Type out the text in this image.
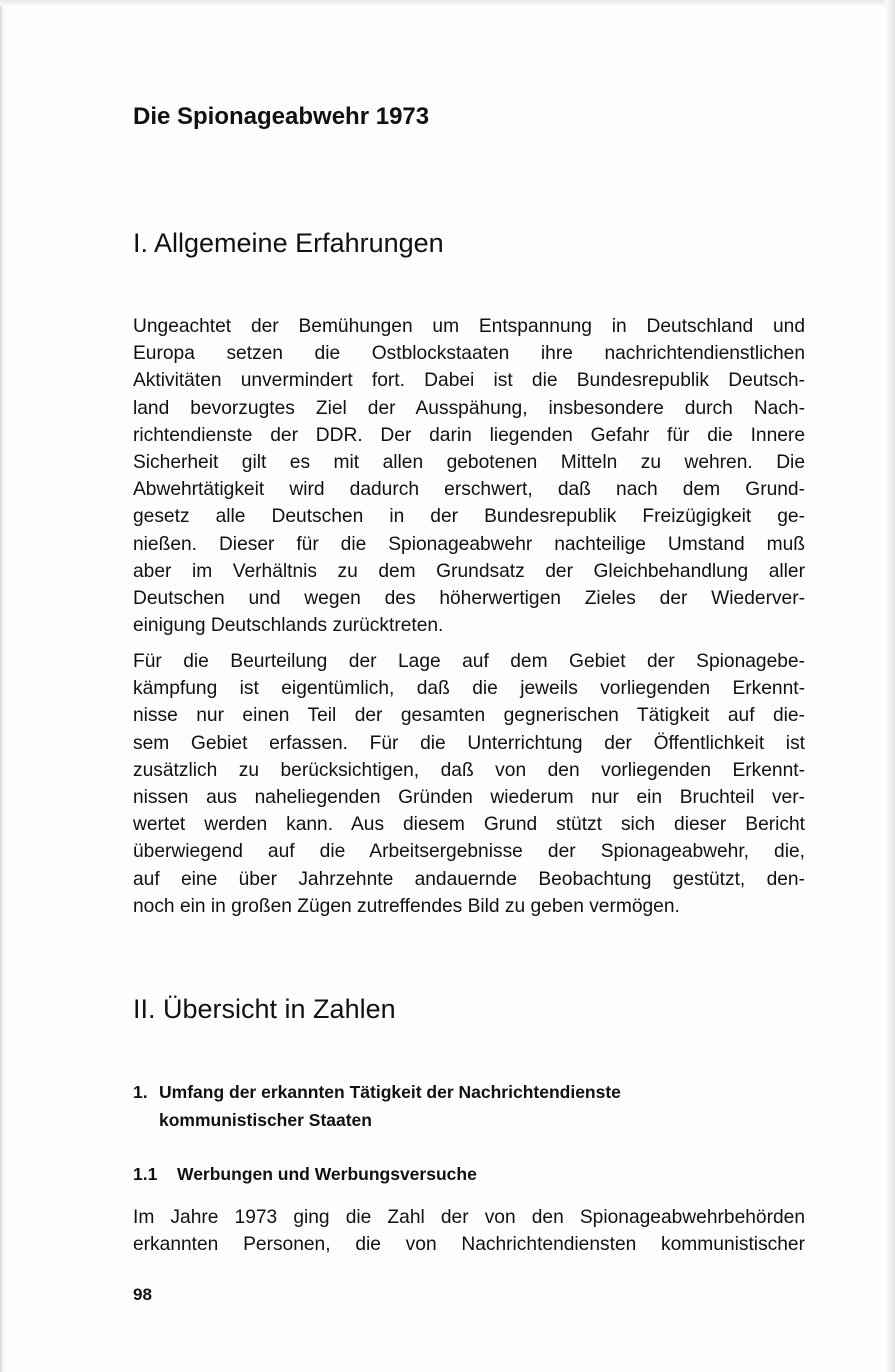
Die Spionageabwehr 1973
I. Allgemeine Erfahrungen

Ungeachtet der Bemühungen um Entspannung in Deutschland und
Europa setzen die Ostblockstaaten ihre nachrichtendienstlichen
Aktivitäten unvermindert fort. Dabei ist die Bundesrepublik Deutsch-
land bevorzugtes Ziel der Ausspähung, insbesondere durch Nach-
richtendienste der DDR. Der darin liegenden Gefahr für die Innere
Sicherheit gilt es mit allen gebotenen Mitteln zu wehren. Die
Abwehrtätigkeit wird dadurch erschwert, daß nach dem Grund-
gesetz alle Deutschen in der Bundesrepublik Freizügigkeit ge-
nießen. Dieser für die Spionageabwehr nachteilige Umstand muß
aber im Verhältnis zu dem Grundsatz der Gleichbehandlung aller
Deutschen und wegen des höherwertigen Zieles der Wiederver-
einigung Deutschlands zurücktreten.

Für die Beurteilung der Lage auf dem Gebiet der Spionagebe-
kämpfung ist eigentümlich, daß die jeweils vorliegenden Erkennt-
nisse nur einen Teil der gesamten gegnerischen Tätigkeit auf die-
sem Gebiet erfassen. Für die Unterrichtung der Öffentlichkeit ist
zusätzlich zu berücksichtigen, daß von den vorliegenden Erkennt-
nissen aus naheliegenden Gründen wiederum nur ein Bruchteil ver-
wertet werden kann. Aus diesem Grund stützt sich dieser Bericht
überwiegend auf die Arbeitsergebnisse der Spionageabwehr, die,
auf eine über Jahrzehnte andauernde Beobachtung gestützt, den-
noch ein in großen Zügen zutreffendes Bild zu geben vermögen.

II. Übersicht in Zahlen
1. Umfang der erkannten Tätigkeit der Nachrichtendienste
kommunistischer Staaten
1.1 Werbungen und Werbungsversuche

Im Jahre 1973 ging die Zahl der von den Spionageabwehrbehörden
erkannten Personen, die von Nachrichtendiensten kommunistischer

98
